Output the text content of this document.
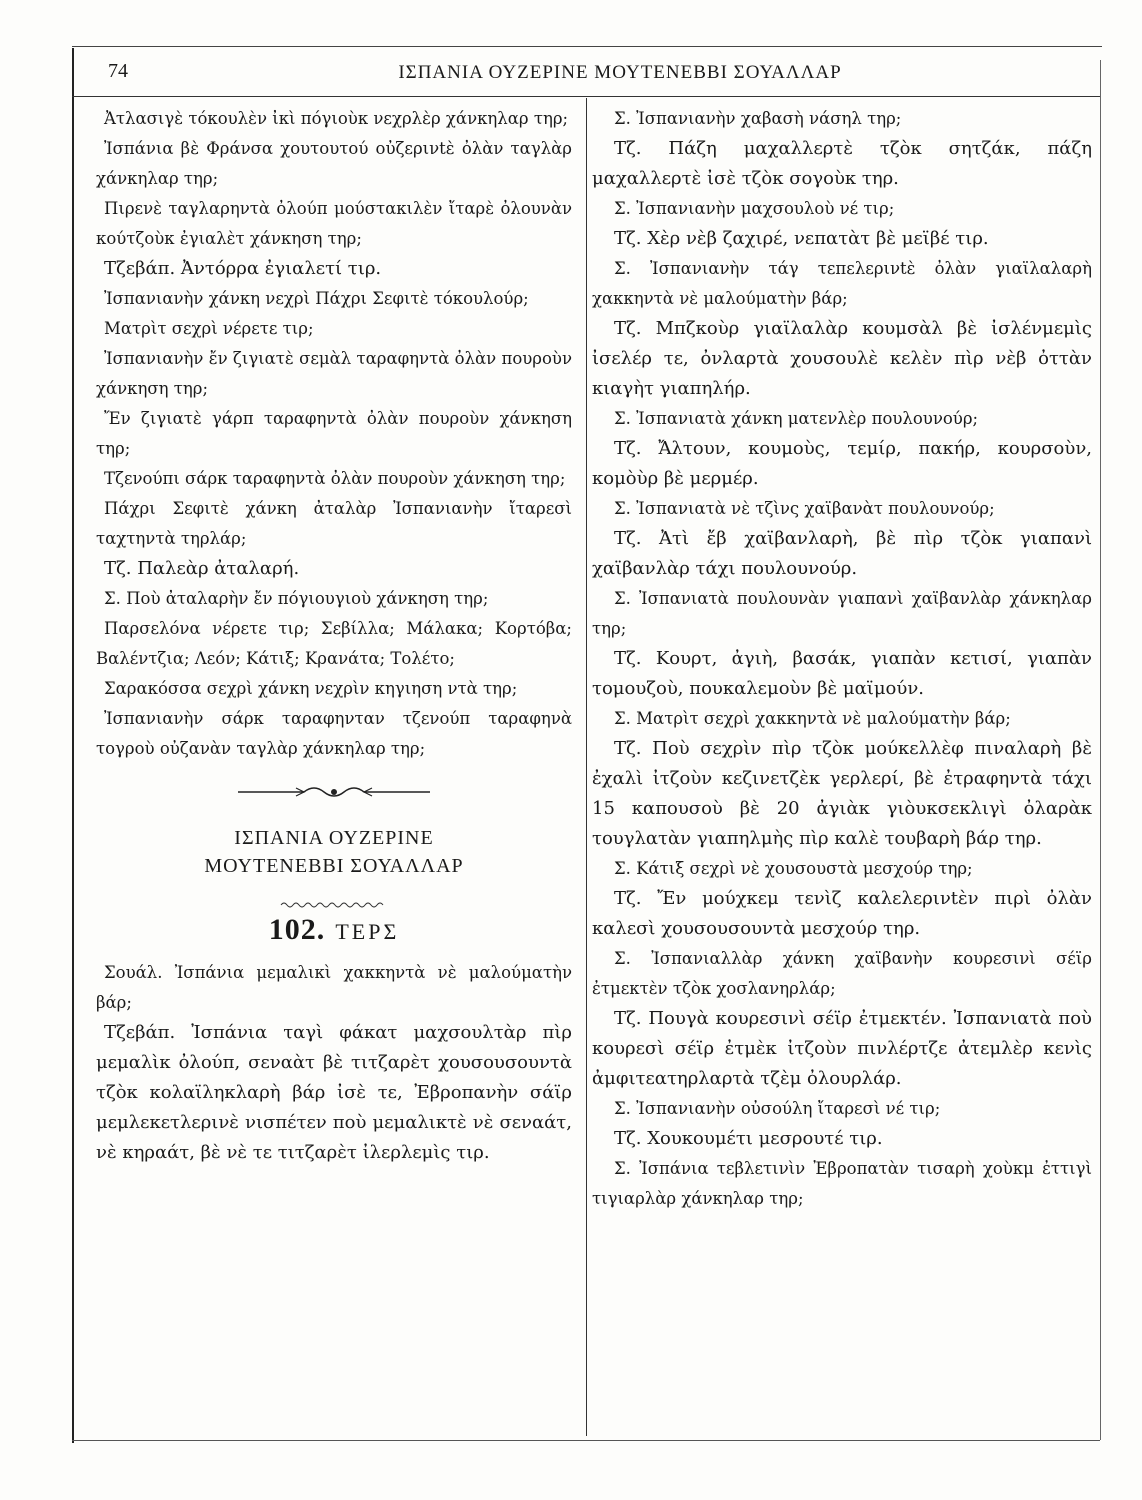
74	ΙΣΠΑΝΙΑ ΟΥΖΕΡΙΝΕ ΜΟΥΤΕΝΕΒΒΙ ΣΟΥΑΛΛΑΡ

Ἀτλασιγὲ τόκουλὲν ἰκὶ πόγιοὺκ νεχρλὲρ χάνκηλαρ τηρ;

Ἰσπάνια βὲ Φράνσα χουτουτού οὐζερινtὲ ὀλὰν ταγλὰρ χάνκηλαρ τηρ;

Πιρενὲ ταγλαρηντὰ ὀλούπ μούστακιλὲν ἴταρὲ ὀλουνὰν κούτζοὺκ ἐγιαλὲτ χάνκηση τηρ;

Τζεβάπ. Ἀντόρρα ἐγιαλετί τιρ.

Ἰσπανιανὴν χάνκη νεχρὶ Πάχρι Σεφιτὲ τόκουλούρ;

Ματρὶτ σεχρὶ νέρετε τιρ;

Ἰσπανιανὴν ἔν ζιγιατὲ σεμὰλ ταραφηντὰ ὀλὰν πουροὺν χάνκηση τηρ;

Ἔν ζιγιατὲ γάρπ ταραφηντὰ ὀλὰν πουροὺν χάνκηση τηρ;

Τζενούπι σάρκ ταραφηντὰ ὀλὰν πουροὺν χάνκηση τηρ;

Πάχρι Σεφιτὲ χάνκη ἀταλὰρ Ἰσπανιανὴν ἴταρεσὶ ταχτηντὰ τηρλάρ;

Τζ. Παλεὰρ ἀταλαρή.

Σ. Ποὺ ἀταλαρὴν ἔν πόγιουγιοὺ χάνκηση τηρ;

Παρσελόνα νέρετε τιρ; Σεβίλλα; Μάλακα; Κορτόβα; Βαλέντζια; Λεόν; Κάτιξ; Κρανάτα; Τολέτο;

Σαρακόσσα σεχρὶ χάνκη νεχρὶν κηγιηση ντὰ τηρ;

Ἰσπανιανὴν σάρκ ταραφηνταν τζενούπ ταραφηνὰ τογροὺ οὐζανὰν ταγλὰρ χάνκηλαρ τηρ;

ΙΣΠΑΝΙΑ ΟΥΖΕΡΙΝΕ

ΜΟΥΤΕΝΕΒΒΙ ΣΟΥΑΛΛΑΡ

102. ΤΕΡΣ

Σουάλ. Ἰσπάνια μεμαλικὶ χακκηντὰ νὲ μαλούματὴν βάρ;

Τζεβάπ. Ἰσπάνια ταγὶ φάκατ μαχσουλτὰρ πὶρ μεμαλὶκ ὀλούπ, σεναὰτ βὲ τιτζαρὲτ χουσουσουντὰ τζὸκ κολαϊληκλαρὴ βάρ ἰσὲ τε, Ἐβροπανὴν σάϊρ μεμλεκετλερινὲ νισπέτεν ποὺ μεμαλικτὲ νὲ σεναάτ, νὲ κηραάτ, βὲ νὲ τε τιτζαρὲτ ἰλερλεμὶς τιρ.

Σ. Ἰσπανιανὴν χαβασὴ νάσηλ τηρ;

Τζ. Πάζη μαχαλλερτὲ τζὸκ σητζάκ, πάζη μαχαλλερτὲ ἰσὲ τζὸκ σογοὺκ τηρ.

Σ. Ἰσπανιανὴν μαχσουλοὺ νέ τιρ;

Τζ. Χὲρ νὲβ ζαχιρέ, νεπατὰτ βὲ μεϊβέ τιρ.

Σ. Ἰσπανιανὴν τάγ τεπελερινtὲ ὀλὰν γιαϊλαλαρὴ χακκηντὰ νὲ μαλούματὴν βάρ;

Τζ. Μπζκοὺρ γιαϊλαλὰρ κουμσὰλ βὲ ἰσλένμεμὶς ἰσελέρ τε, ὀνλαρτὰ χουσουλὲ κελὲν πὶρ νὲβ ὀττὰν κιαγὴτ γιαπηλήρ.

Σ. Ἰσπανιατὰ χάνκη ματενλὲρ πουλουνούρ;

Τζ. Ἄλτουν, κουμοὺς, τεμίρ, πακήρ, κουρσοὺν, κομὸὺρ βὲ μερμέρ.

Σ. Ἰσπανιατὰ νὲ τζὶνς χαϊβανὰτ πουλουνούρ;

Τζ. Ἀτὶ ἔβ χαϊβανλαρὴ, βὲ πὶρ τζὸκ γιαπανὶ χαϊβανλὰρ τάχι πουλουνούρ.

Σ. Ἰσπανιατὰ πουλουνὰν γιαπανὶ χαϊβανλὰρ χάνκηλαρ τηρ;

Τζ. Κουρτ, ἀγιὴ, βασάκ, γιαπὰν κετισί, γιαπὰν τομουζοὺ, πουκαλεμοὺν βὲ μαϊμούν.

Σ. Ματρὶτ σεχρὶ χακκηντὰ νὲ μαλούματὴν βάρ;

Τζ. Ποὺ σεχρὶν πὶρ τζὸκ μούκελλὲφ πιναλαρὴ βὲ ἐχαλὶ ἰτζοὺν κεζινετζὲκ γερλερί, βὲ ἐτραφηντὰ τάχι 15 καπουσοὺ βὲ 20 ἀγιὰκ γιὸυκσεκλιγὶ ὀλαρὰκ τουγλατὰν γιαπηλμὴς πὶρ καλὲ τουβαρὴ βάρ τηρ.

Σ. Κάτιξ σεχρὶ νὲ χουσουστὰ μεσχούρ τηρ;

Τζ. Ἔν μούχκεμ τενὶζ καλελερινtὲν πιρὶ ὀλὰν καλεσὶ χουσουσουντὰ μεσχούρ τηρ.

Σ. Ἰσπανιαλλὰρ χάνκη χαϊβανὴν κουρεσινὶ σέϊρ ἐτμεκτὲν τζὸκ χοσλανηρλάρ;

Τζ. Πουγὰ κουρεσινὶ σέϊρ ἐτμεκτέν. Ἰσπανιατὰ ποὺ κουρεσὶ σέϊρ ἐτμὲκ ἰτζοὺν πινλέρτζε ἀτεμλὲρ κενὶς ἀμφιτεατηρλαρτὰ τζὲμ ὀλουρλάρ.

Σ. Ἰσπανιανὴν οὐσούλη ἴταρεσὶ νέ τιρ;

Τζ. Χουκουμέτι μεσρουτέ τιρ.

Σ. Ἰσπάνια τεβλετινὶν Ἐβροπατὰν τισαρὴ χοὺκμ ἐττιγὶ τιγιαρλὰρ χάνκηλαρ τηρ;
